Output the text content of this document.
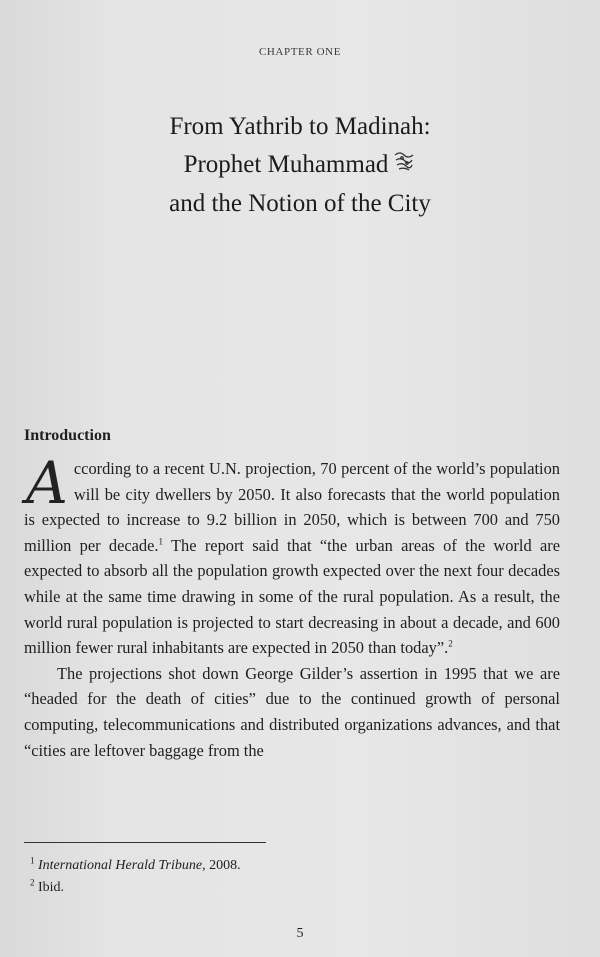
CHAPTER ONE
From Yathrib to Madinah:
Prophet Muhammad
and the Notion of the City
Introduction

According to a recent U.N. projection, 70 percent of the world’s population will be city dwellers by 2050. It also forecasts that the world population is expected to increase to 9.2 billion in 2050, which is between 700 and 750 million per decade.$^1$ The report said that “the urban areas of the world are expected to absorb all the population growth expected over the next four decades while at the same time drawing in some of the rural population. As a result, the world rural population is projected to start decreasing in about a decade, and 600 million fewer rural inhabitants are expected in 2050 than today”.$^2$

The projections shot down George Gilder’s assertion in 1995 that we are “headed for the death of cities” due to the continued growth of personal computing, telecommunications and distributed organizations advances, and that “cities are leftover baggage from the

$^1$ International Herald Tribune, 2008.
$^2$ Ibid.
5
